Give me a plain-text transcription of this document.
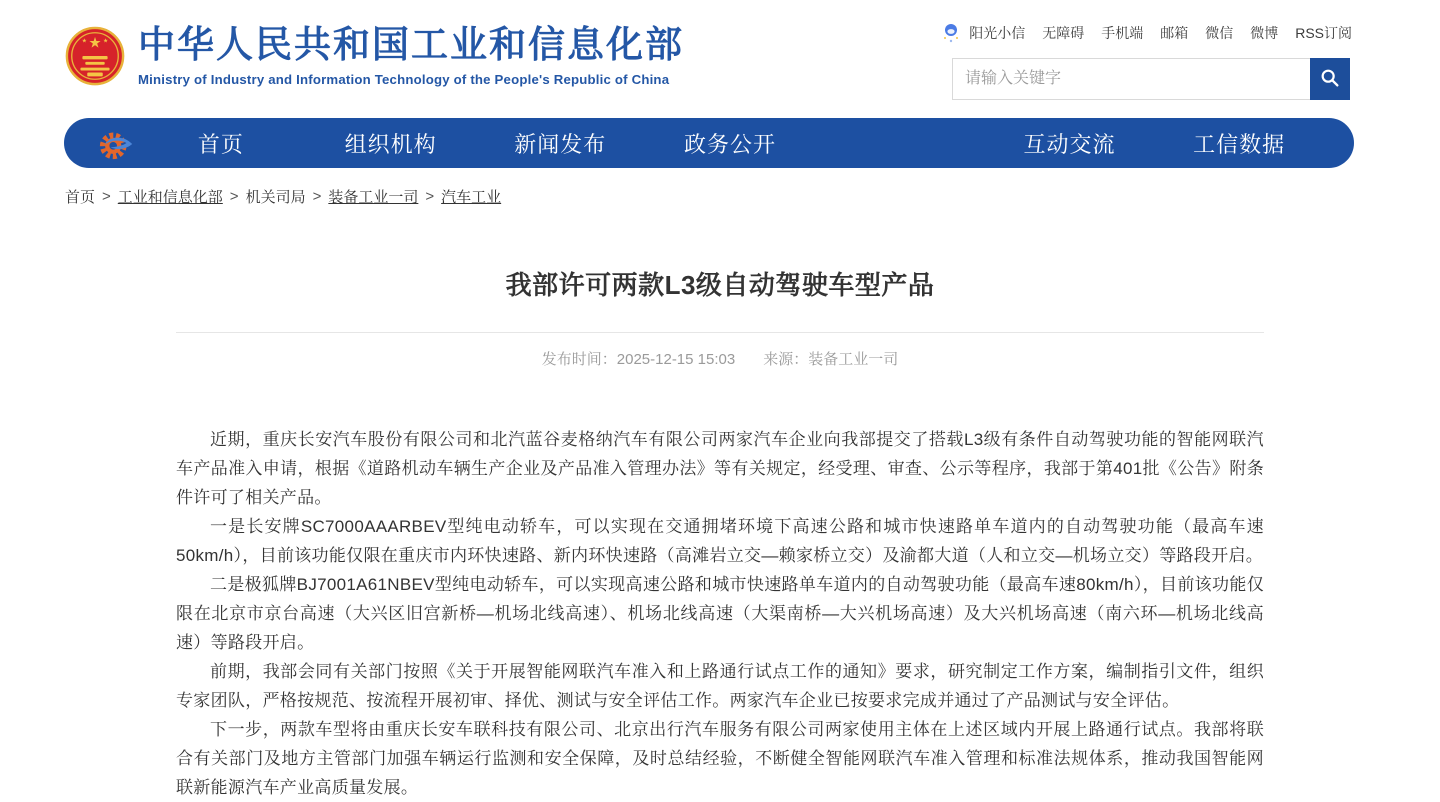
★
★	★ 中华人民共和国工业和信息化部
Ministry of Industry and Information Technology of the People's Republic of China
阳光小信 无障碍 手机端 邮箱 微信 微博 RSS订阅
请输入关键字
首页	组织机构	新闻发布	政务公开	互动交流	工信数据
首页 > 工业和信息化部 > 机关司局 > 装备工业一司 > 汽车工业
我部许可两款L3级自动驾驶车型产品
发布时间：2025-12-15 15:03 来源：装备工业一司

近期，重庆长安汽车股份有限公司和北汽蓝谷麦格纳汽车有限公司两家汽车企业向我部提交了搭载L3级有条件自动驾驶功能的智能网联汽车产品准入申请，根据《道路机动车辆生产企业及产品准入管理办法》等有关规定，经受理、审查、公示等程序，我部于第401批《公告》附条件许可了相关产品。

一是长安牌SC7000AAARBEV型纯电动轿车，可以实现在交通拥堵环境下高速公路和城市快速路单车道内的自动驾驶功能（最高车速50km/h），目前该功能仅限在重庆市内环快速路、新内环快速路（高滩岩立交—赖家桥立交）及渝都大道（人和立交—机场立交）等路段开启。

二是极狐牌BJ7001A61NBEV型纯电动轿车，可以实现高速公路和城市快速路单车道内的自动驾驶功能（最高车速80km/h），目前该功能仅限在北京市京台高速（大兴区旧宫新桥—机场北线高速）、机场北线高速（大渠南桥—大兴机场高速）及大兴机场高速（南六环—机场北线高速）等路段开启。

前期，我部会同有关部门按照《关于开展智能网联汽车准入和上路通行试点工作的通知》要求，研究制定工作方案，编制指引文件，组织专家团队，严格按规范、按流程开展初审、择优、测试与安全评估工作。两家汽车企业已按要求完成并通过了产品测试与安全评估。

下一步，两款车型将由重庆长安车联科技有限公司、北京出行汽车服务有限公司两家使用主体在上述区域内开展上路通行试点。我部将联合有关部门及地方主管部门加强车辆运行监测和安全保障，及时总结经验，不断健全智能网联汽车准入管理和标准法规体系，推动我国智能网联新能源汽车产业高质量发展。
